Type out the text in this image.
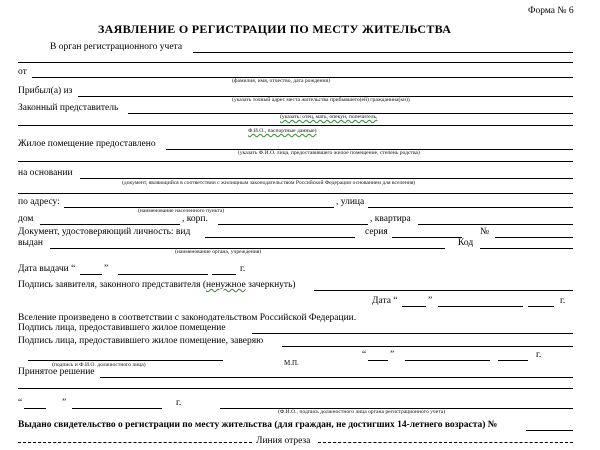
Форма № 6
ЗАЯВЛЕНИЕ О РЕГИСТРАЦИИ ПО МЕСТУ ЖИТЕЛЬСТВА
В орган регистрационного учета
от
(фамилия, имя, отчество, дата рождения)
Прибыл(а) из
(указать точный адрес места жительства прибывшего(ей) гражданина(ки))
Законный представитель
(указать: отец, мать, опекун, попечитель,
Ф.И.О., паспортные данные)
Жилое помещение предоставлено
(указать Ф.И.О. лица, предоставившего жилое помещение, степень родства)
на основании
(документ, являющийся в соответствии с жилищным законодательством Российской Федерации основанием для вселения)
по адресу:	, улица
(наименование населенного пункта)
дом	, корп.	, квартира
Документ, удостоверяющий личность: вид	серия	№
выдан	Код
(наименование органа, учреждения)
Дата выдачи “	”	г.
Подпись заявителя, законного представителя (ненужное зачеркнуть)
Дата “	”	г.
Вселение произведено в соответствии с законодательством Российской Федерации.
Подпись лица, предоставившего жилое помещение
Подпись лица, предоставившего жилое помещение, заверяю
(подпись и Ф.И.О. должностного лица)	М.П.
“	”	г.
Принятое решение
“	”	г.
(Ф.И.О., подпись должностного лица органа регистрационного учета)
Выдано свидетельство о регистрации по месту жительства (для граждан, не достигших 14-летнего возраста) №
Линия отреза
